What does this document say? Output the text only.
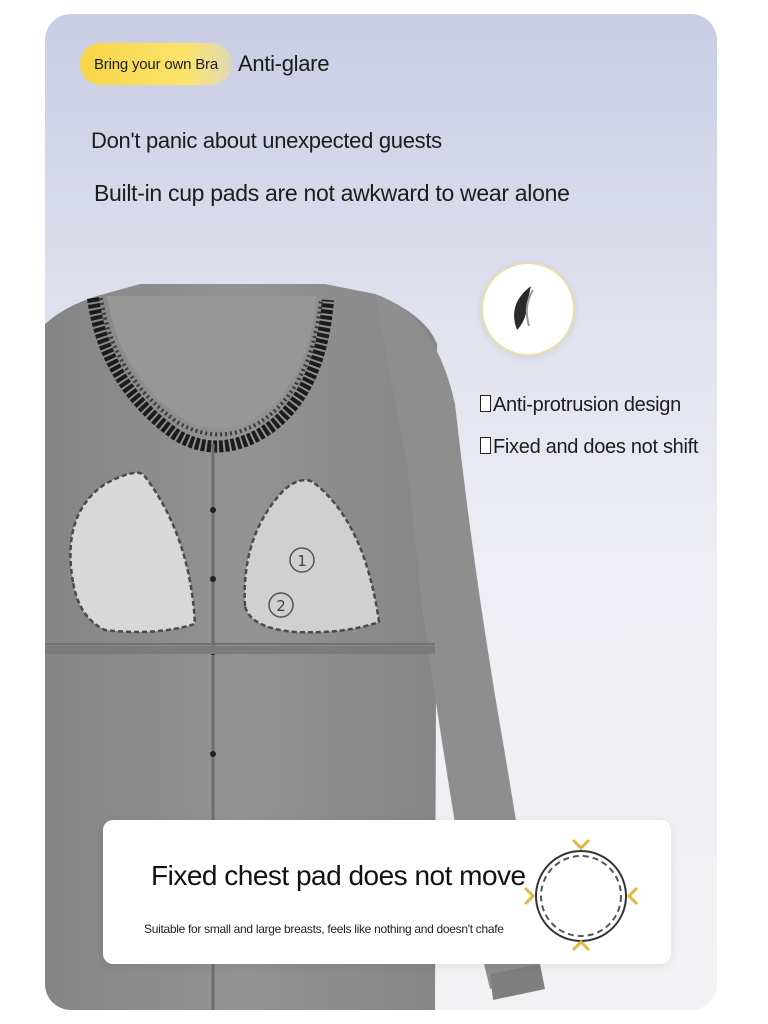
Bring your own Bra Anti-glare
Don't panic about unexpected guests
Built-in cup pads are not awkward to wear alone
1
2
Anti-protrusion design
Fixed and does not shift
Fixed chest pad does not move
Suitable for small and large breasts, feels like nothing and doesn't chafe
